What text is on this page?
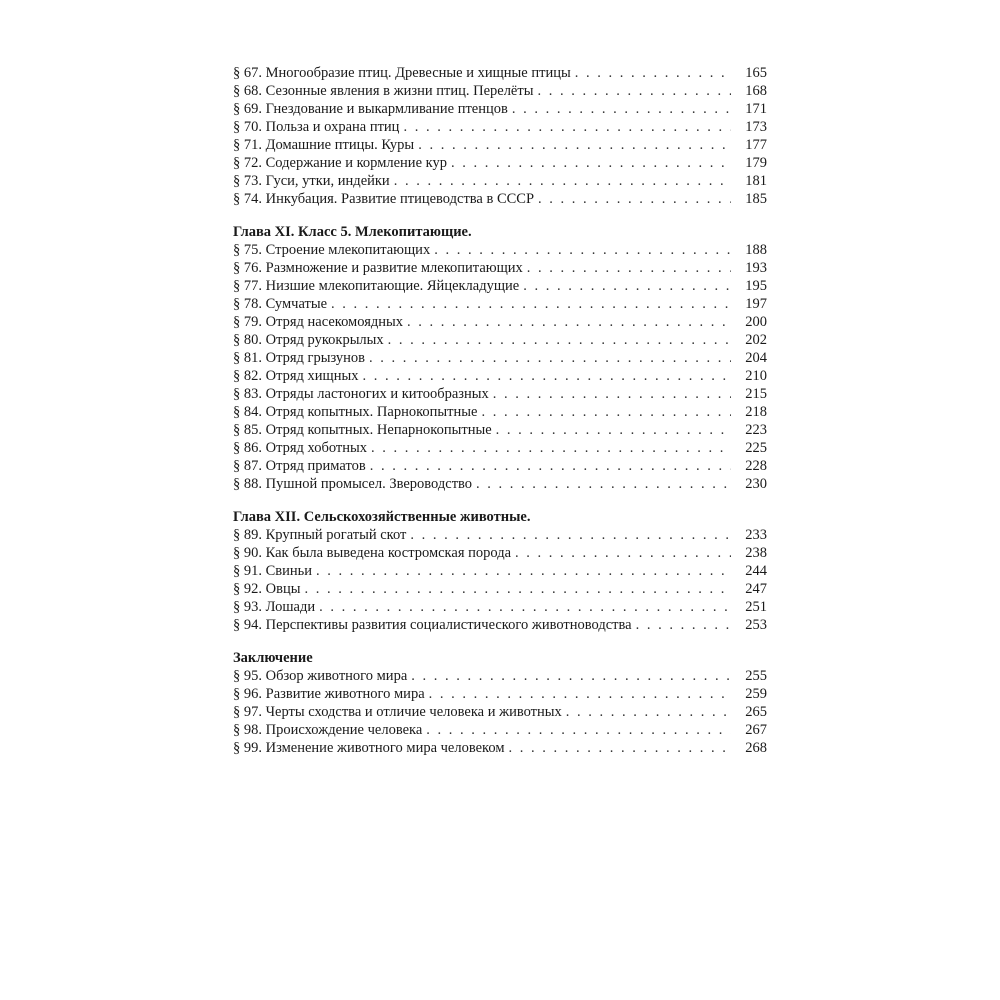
§ 67. Многообразие птиц. Древесные и хищные птицы . . .	165
§ 68. Сезонные явления в жизни птиц. Перелёты . . .	168
§ 69. Гнездование и выкармливание птенцов . . .	171
§ 70. Польза и охрана птиц . . .	173
§ 71. Домашние птицы. Куры . . .	177
§ 72. Содержание и кормление кур . . .	179
§ 73. Гуси, утки, индейки . . .	181
§ 74. Инкубация. Развитие птицеводства в СССР . . .	185
Глава XI. Класс 5. Млекопитающие.
§ 75. Строение млекопитающих . . .	188
§ 76. Размножение и развитие млекопитающих . . .	193
§ 77. Низшие млекопитающие. Яйцекладущие . . .	195
§ 78. Сумчатые . . .	197
§ 79. Отряд насекомоядных . . .	200
§ 80. Отряд рукокрылых . . .	202
§ 81. Отряд грызунов . . .	204
§ 82. Отряд хищных . . .	210
§ 83. Отряды ластоногих и китообразных . . .	215
§ 84. Отряд копытных. Парнокопытные . . .	218
§ 85. Отряд копытных. Непарнокопытные . . .	223
§ 86. Отряд хоботных . . .	225
§ 87. Отряд приматов . . .	228
§ 88. Пушной промысел. Звероводство . . .	230
Глава XII. Сельскохозяйственные животные.
§ 89. Крупный рогатый скот . . .	233
§ 90. Как была выведена костромская порода . . .	238
§ 91. Свиньи . . .	244
§ 92. Овцы . . .	247
§ 93. Лошади . . .	251
§ 94. Перспективы развития социалистического животноводства . . .	253
Заключение
§ 95. Обзор животного мира . . .	255
§ 96. Развитие животного мира . . .	259
§ 97. Черты сходства и отличие человека и животных . . .	265
§ 98. Происхождение человека . . .	267
§ 99. Изменение животного мира человеком . . .	268
